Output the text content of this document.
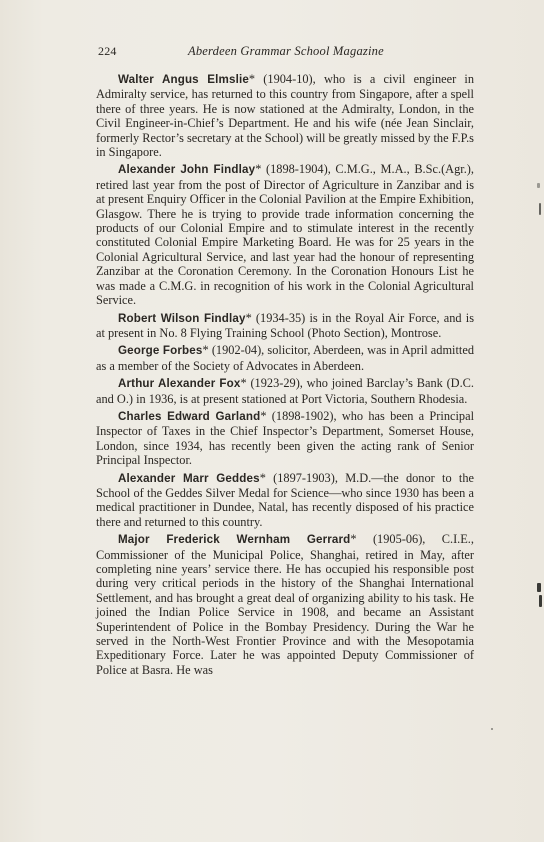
224	Aberdeen Grammar School Magazine

Walter Angus Elmslie* (1904-10), who is a civil engineer in Admiralty service, has returned to this country from Singapore, after a spell there of three years. He is now stationed at the Admiralty, London, in the Civil Engineer-in-Chief’s Department. He and his wife (née Jean Sinclair, formerly Rector’s secretary at the School) will be greatly missed by the F.P.s in Singapore.

Alexander John Findlay* (1898-1904), C.M.G., M.A., B.Sc.(Agr.), retired last year from the post of Director of Agriculture in Zanzibar and is at present Enquiry Officer in the Colonial Pavilion at the Empire Exhibition, Glasgow. There he is trying to provide trade information concerning the products of our Colonial Empire and to stimulate interest in the recently constituted Colonial Empire Marketing Board. He was for 25 years in the Colonial Agricultural Service, and last year had the honour of representing Zanzibar at the Coronation Ceremony. In the Coronation Honours List he was made a C.M.G. in recognition of his work in the Colonial Agricultural Service.

Robert Wilson Findlay* (1934-35) is in the Royal Air Force, and is at present in No. 8 Flying Training School (Photo Section), Montrose.

George Forbes* (1902-04), solicitor, Aberdeen, was in April admitted as a member of the Society of Advocates in Aberdeen.

Arthur Alexander Fox* (1923-29), who joined Barclay’s Bank (D.C. and O.) in 1936, is at present stationed at Port Victoria, Southern Rhodesia.

Charles Edward Garland* (1898-1902), who has been a Principal Inspector of Taxes in the Chief Inspector’s Department, Somerset House, London, since 1934, has recently been given the acting rank of Senior Principal Inspector.

Alexander Marr Geddes* (1897-1903), M.D.—the donor to the School of the Geddes Silver Medal for Science—who since 1930 has been a medical practitioner in Dundee, Natal, has recently disposed of his practice there and returned to this country.

Major Frederick Wernham Gerrard* (1905-06), C.I.E., Commissioner of the Municipal Police, Shanghai, retired in May, after completing nine years’ service there. He has occupied his responsible post during very critical periods in the history of the Shanghai International Settlement, and has brought a great deal of organizing ability to his task. He joined the Indian Police Service in 1908, and became an Assistant Superintendent of Police in the Bombay Presidency. During the War he served in the North-West Frontier Province and with the Mesopotamia Expeditionary Force. Later he was appointed Deputy Commissioner of Police at Basra. He was
